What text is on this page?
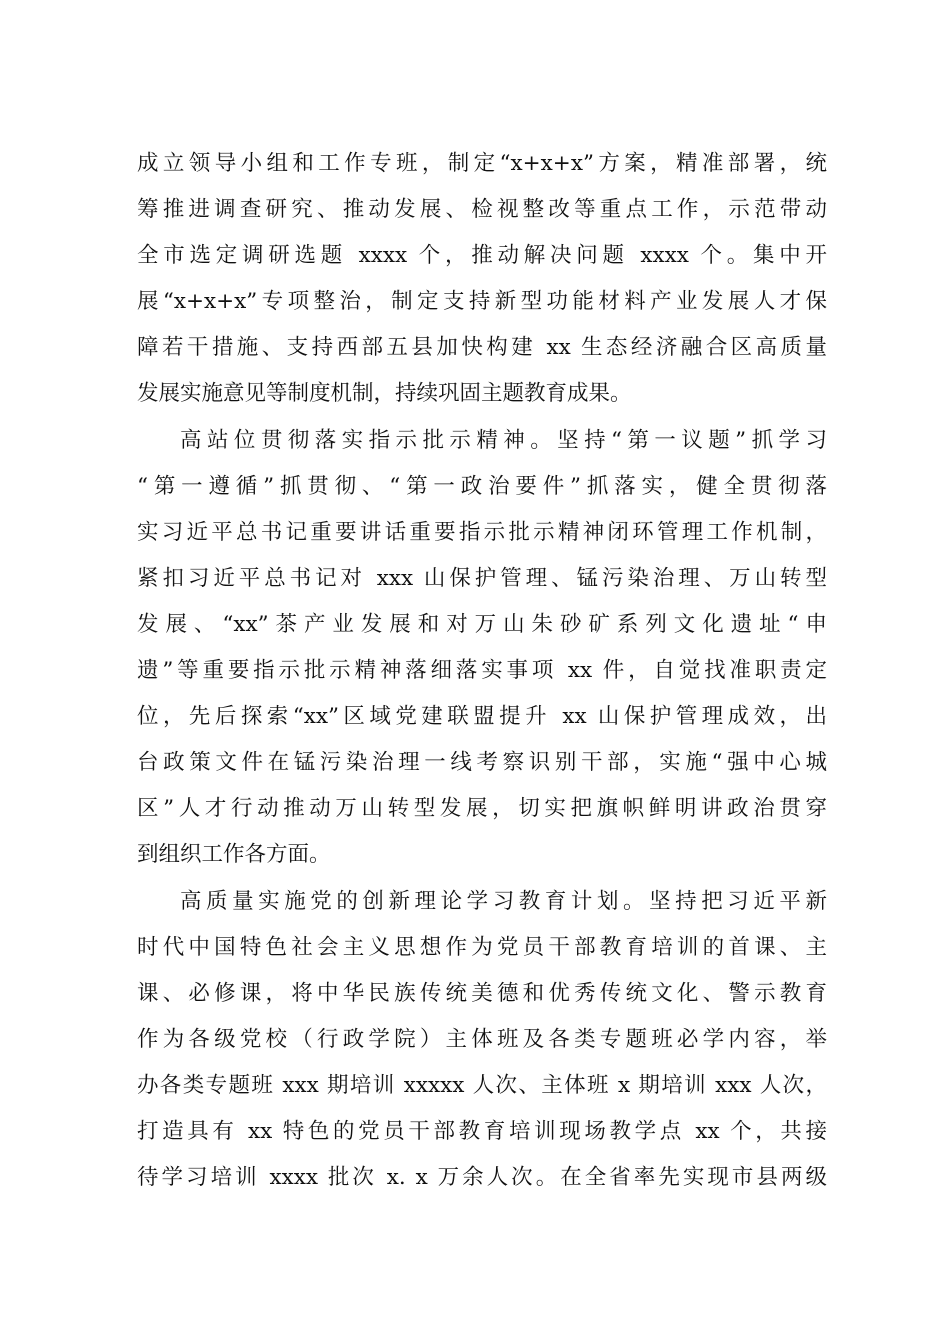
成立领导小组和工作专班，制定“x+x+x”方案，精准部署，统
筹推进调查研究、推动发展、检视整改等重点工作，示范带动
全市选定调研选题 xxxx 个，推动解决问题 xxxx 个。集中开
展“x+x+x”专项整治，制定支持新型功能材料产业发展人才保
障若干措施、支持西部五县加快构建 xx 生态经济融合区高质量
发展实施意见等制度机制，持续巩固主题教育成果。
高站位贯彻落实指示批示精神。坚持“第一议题”抓学习
“第一遵循”抓贯彻、“第一政治要件”抓落实，健全贯彻落
实习近平总书记重要讲话重要指示批示精神闭环管理工作机制，
紧扣习近平总书记对 xxx 山保护管理、锰污染治理、万山转型
发展、“xx”茶产业发展和对万山朱砂矿系列文化遗址“申
遗”等重要指示批示精神落细落实事项 xx 件，自觉找准职责定
位，先后探索“xx”区域党建联盟提升 xx 山保护管理成效，出
台政策文件在锰污染治理一线考察识别干部，实施“强中心城
区”人才行动推动万山转型发展，切实把旗帜鲜明讲政治贯穿
到组织工作各方面。
高质量实施党的创新理论学习教育计划。坚持把习近平新
时代中国特色社会主义思想作为党员干部教育培训的首课、主
课、必修课，将中华民族传统美德和优秀传统文化、警示教育
作为各级党校（行政学院）主体班及各类专题班必学内容，举
办各类专题班 xxx 期培训 xxxxx 人次、主体班 x 期培训 xxx 人次，
打造具有 xx 特色的党员干部教育培训现场教学点 xx 个，共接
待学习培训 xxxx 批次 x. x 万余人次。在全省率先实现市县两级
